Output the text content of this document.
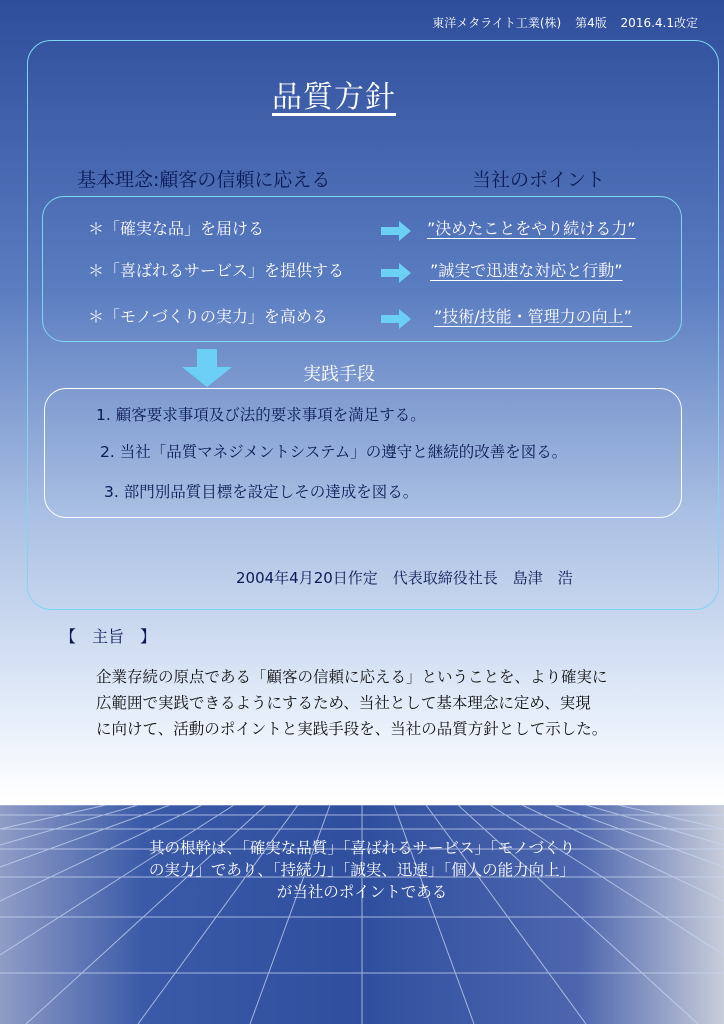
東洋メタライト工業(株) 第4版 2016.4.1改定
品質方針
基本理念:顧客の信頼に応える	当社のポイント
＊「確実な品」を届ける	”決めたことをやり続ける力”
＊「喜ばれるサービス」を提供する	”誠実で迅速な対応と行動”
＊「モノづくりの実力」を高める	”技術/技能・管理力の向上”
実践手段
1. 顧客要求事項及び法的要求事項を満足する。
2. 当社「品質マネジメントシステム」の遵守と継続的改善を図る。
3. 部門別品質目標を設定しその達成を図る。
2004年4月20日作定　代表取締役社長　島津　浩
【　主旨　】
企業存続の原点である「顧客の信頼に応える」ということを、より確実に
広範囲で実践できるようにするため、当社として基本理念に定め、実現
に向けて、活動のポイントと実践手段を、当社の品質方針として示した。
其の根幹は、「確実な品質」「喜ばれるサービス」「モノづくり
の実力」であり、「持続力」「誠実、迅速」「個人の能力向上」
が当社のポイントである
